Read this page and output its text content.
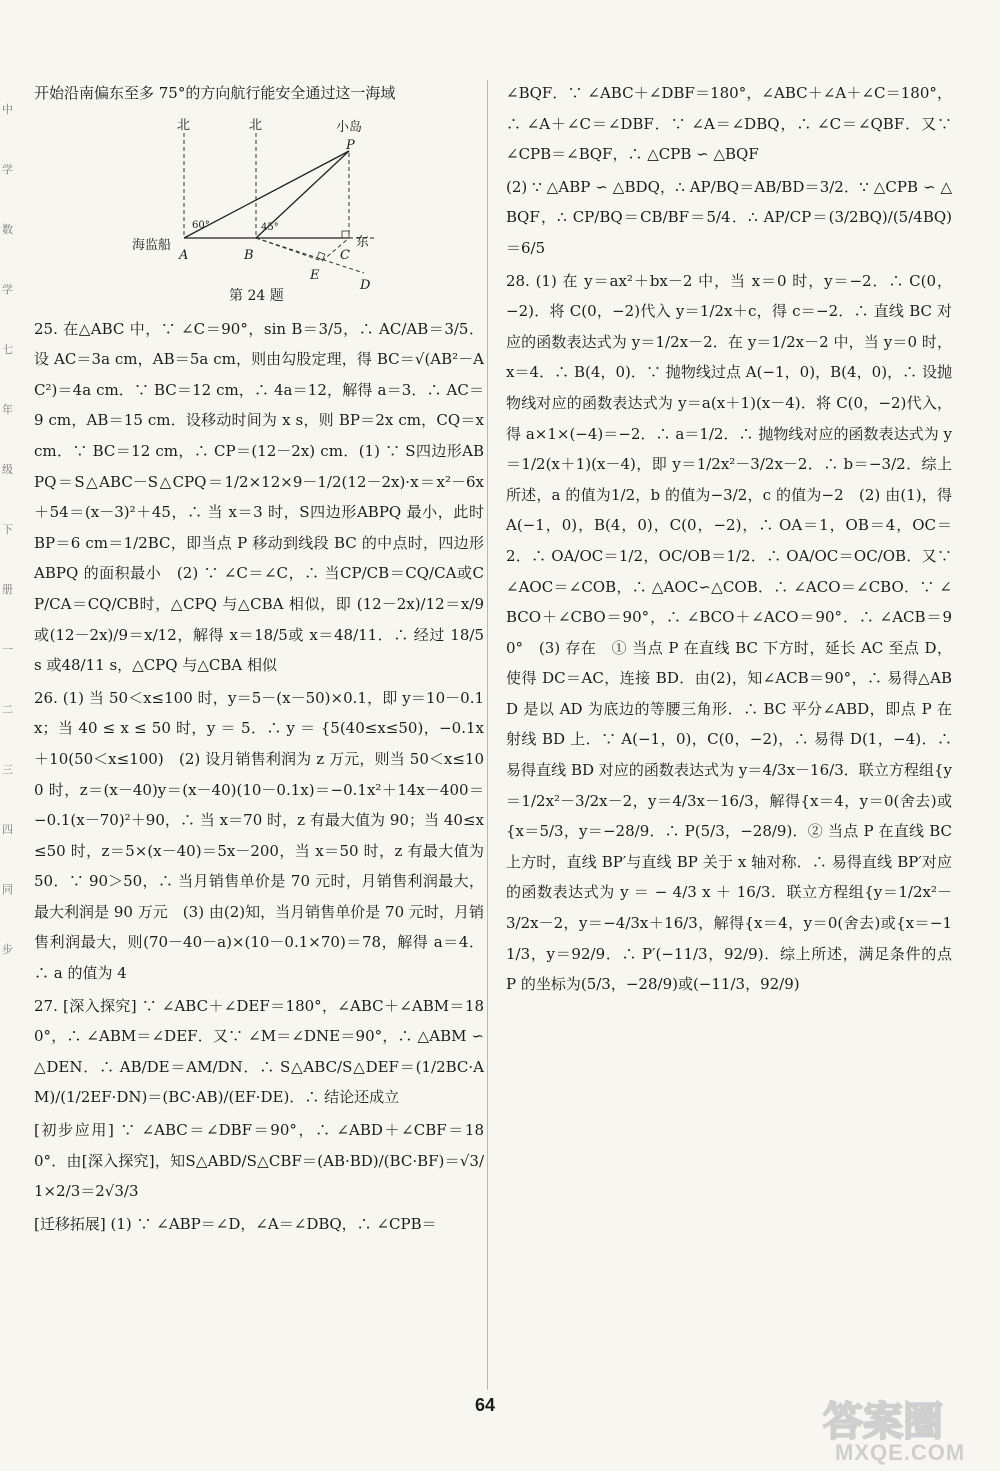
中
学
数
学
七
年
级
下
册
一
二
三
四
同
步

开始沿南偏东至多 75°的方向航行能安全通过这一海域

北	北	小岛
P
60°	45°
海监船
A	B	C
东
E
D
第 24 题

25. 在△ABC 中，∵ ∠C＝90°，sin B＝3/5，∴ AC/AB＝3/5．设 AC＝3a cm，AB＝5a cm，则由勾股定理，得 BC＝√(AB²－AC²)＝4a cm．∵ BC＝12 cm，∴ 4a＝12，解得 a＝3．∴ AC＝9 cm，AB＝15 cm．设移动时间为 x s，则 BP＝2x cm，CQ＝x cm．∵ BC＝12 cm，∴ CP＝(12－2x) cm．(1) ∵ S四边形ABPQ＝S△ABC－S△CPQ＝1/2×12×9－1/2(12－2x)·x＝x²－6x＋54＝(x－3)²＋45，∴ 当 x＝3 时，S四边形ABPQ 最小，此时 BP＝6 cm＝1/2BC，即当点 P 移动到线段 BC 的中点时，四边形 ABPQ 的面积最小　(2) ∵ ∠C＝∠C，∴ 当CP/CB＝CQ/CA或CP/CA＝CQ/CB时，△CPQ 与△CBA 相似，即 (12－2x)/12＝x/9或(12－2x)/9＝x/12，解得 x＝18/5或 x＝48/11．∴ 经过 18/5 s 或48/11 s，△CPQ 与△CBA 相似

26. (1) 当 50＜x≤100 时，y＝5－(x－50)×0.1，即 y＝10－0.1x；当 40 ≤ x ≤ 50 时，y ＝ 5．∴ y ＝ {5(40≤x≤50)，−0.1x＋10(50＜x≤100)　(2) 设月销售利润为 z 万元，则当 50＜x≤100 时，z＝(x－40)y＝(x－40)(10－0.1x)＝−0.1x²＋14x－400＝−0.1(x－70)²＋90，∴ 当 x＝70 时，z 有最大值为 90；当 40≤x≤50 时，z＝5×(x－40)＝5x－200，当 x＝50 时，z 有最大值为 50．∵ 90＞50，∴ 当月销售单价是 70 元时，月销售利润最大，最大利润是 90 万元　(3) 由(2)知，当月销售单价是 70 元时，月销售利润最大，则(70－40－a)×(10－0.1×70)＝78，解得 a＝4．∴ a 的值为 4

27. [深入探究] ∵ ∠ABC＋∠DEF＝180°，∠ABC＋∠ABM＝180°，∴ ∠ABM＝∠DEF．又∵ ∠M＝∠DNE＝90°，∴ △ABM ∽ △DEN．∴ AB/DE＝AM/DN．∴ S△ABC/S△DEF＝(1/2BC·AM)/(1/2EF·DN)＝(BC·AB)/(EF·DE)．∴ 结论还成立

[初步应用] ∵ ∠ABC＝∠DBF＝90°，∴ ∠ABD＋∠CBF＝180°．由[深入探究]，知S△ABD/S△CBF＝(AB·BD)/(BC·BF)＝√3/1×2/3＝2√3/3

[迁移拓展] (1) ∵ ∠ABP＝∠D，∠A＝∠DBQ，∴ ∠CPB＝

∠BQF．∵ ∠ABC＋∠DBF＝180°，∠ABC＋∠A＋∠C＝180°，∴ ∠A＋∠C＝∠DBF．∵ ∠A＝∠DBQ，∴ ∠C＝∠QBF．又∵ ∠CPB＝∠BQF，∴ △CPB ∽ △BQF

(2) ∵ △ABP ∽ △BDQ，∴ AP/BQ＝AB/BD＝3/2．∵ △CPB ∽ △BQF，∴ CP/BQ＝CB/BF＝5/4．∴ AP/CP＝(3/2BQ)/(5/4BQ)＝6/5

28. (1) 在 y＝ax²＋bx－2 中，当 x＝0 时，y＝−2．∴ C(0，−2)．将 C(0，−2)代入 y＝1/2x＋c，得 c＝−2．∴ 直线 BC 对应的函数表达式为 y＝1/2x－2．在 y＝1/2x－2 中，当 y＝0 时，x＝4．∴ B(4，0)．∵ 抛物线过点 A(−1，0)，B(4，0)，∴ 设抛物线对应的函数表达式为 y＝a(x＋1)(x－4)．将 C(0，−2)代入，得 a×1×(−4)＝−2．∴ a＝1/2．∴ 抛物线对应的函数表达式为 y＝1/2(x＋1)(x－4)，即 y＝1/2x²－3/2x－2．∴ b＝−3/2．综上所述，a 的值为1/2，b 的值为−3/2，c 的值为−2　(2) 由(1)，得 A(−1，0)，B(4，0)，C(0，−2)，∴ OA＝1，OB＝4，OC＝2．∴ OA/OC＝1/2，OC/OB＝1/2．∴ OA/OC＝OC/OB．又∵ ∠AOC＝∠COB，∴ △AOC∽△COB．∴ ∠ACO＝∠CBO．∵ ∠BCO＋∠CBO＝90°，∴ ∠BCO＋∠ACO＝90°．∴ ∠ACB＝90°　(3) 存在　① 当点 P 在直线 BC 下方时，延长 AC 至点 D，使得 DC＝AC，连接 BD．由(2)，知∠ACB＝90°，∴ 易得△ABD 是以 AD 为底边的等腰三角形．∴ BC 平分∠ABD，即点 P 在射线 BD 上．∵ A(−1，0)，C(0，−2)，∴ 易得 D(1，−4)．∴ 易得直线 BD 对应的函数表达式为 y＝4/3x－16/3．联立方程组{y＝1/2x²－3/2x－2，y＝4/3x－16/3，解得{x＝4，y＝0(舍去)或{x＝5/3，y＝−28/9．∴ P(5/3，−28/9)．② 当点 P 在直线 BC 上方时，直线 BP′与直线 BP 关于 x 轴对称．∴ 易得直线 BP′对应的函数表达式为 y ＝ − 4/3 x ＋ 16/3．联立方程组{y＝1/2x²－3/2x－2，y＝−4/3x＋16/3，解得{x＝4，y＝0(舍去)或{x＝−11/3，y＝92/9．∴ P′(−11/3，92/9)．综上所述，满足条件的点 P 的坐标为(5/3，−28/9)或(−11/3，92/9)

64	答案圈
MXQE.COM
